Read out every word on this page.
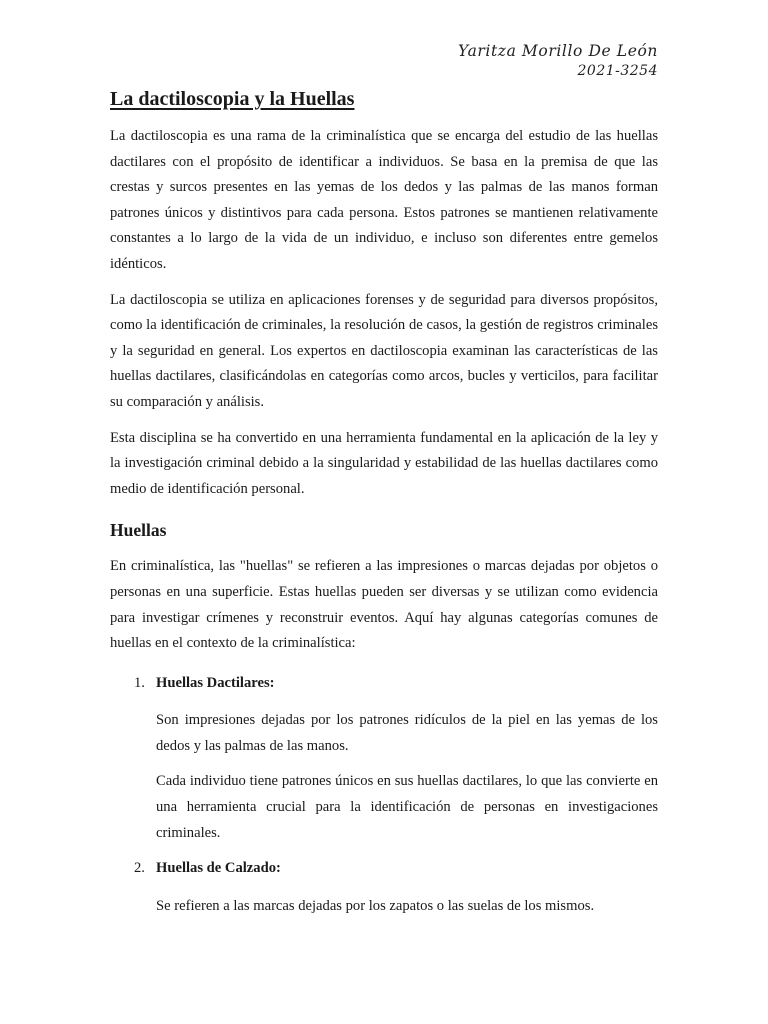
Yaritza Morillo De León
2021-3254
La dactiloscopia y la Huellas

La dactiloscopia es una rama de la criminalística que se encarga del estudio de las huellas dactilares con el propósito de identificar a individuos. Se basa en la premisa de que las crestas y surcos presentes en las yemas de los dedos y las palmas de las manos forman patrones únicos y distintivos para cada persona. Estos patrones se mantienen relativamente constantes a lo largo de la vida de un individuo, e incluso son diferentes entre gemelos idénticos.

La dactiloscopia se utiliza en aplicaciones forenses y de seguridad para diversos propósitos, como la identificación de criminales, la resolución de casos, la gestión de registros criminales y la seguridad en general. Los expertos en dactiloscopia examinan las características de las huellas dactilares, clasificándolas en categorías como arcos, bucles y verticilos, para facilitar su comparación y análisis.

Esta disciplina se ha convertido en una herramienta fundamental en la aplicación de la ley y la investigación criminal debido a la singularidad y estabilidad de las huellas dactilares como medio de identificación personal.

Huellas

En criminalística, las "huellas" se refieren a las impresiones o marcas dejadas por objetos o personas en una superficie. Estas huellas pueden ser diversas y se utilizan como evidencia para investigar crímenes y reconstruir eventos. Aquí hay algunas categorías comunes de huellas en el contexto de la criminalística:

1. Huellas Dactilares:

Son impresiones dejadas por los patrones ridículos de la piel en las yemas de los dedos y las palmas de las manos.

Cada individuo tiene patrones únicos en sus huellas dactilares, lo que las convierte en una herramienta crucial para la identificación de personas en investigaciones criminales.

2. Huellas de Calzado:

Se refieren a las marcas dejadas por los zapatos o las suelas de los mismos.
